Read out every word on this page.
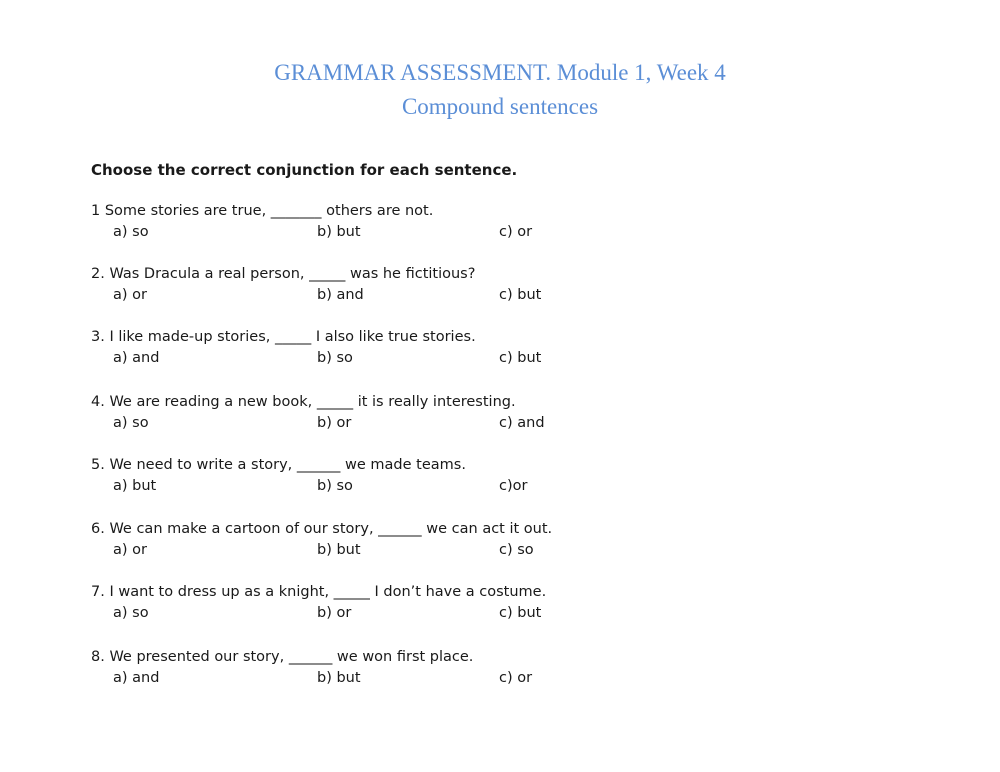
GRAMMAR ASSESSMENT. Module 1, Week 4
Compound sentences
Choose the correct conjunction for each sentence.
1 Some stories are true, _______ others are not.
a) so	b) but	c) or
2. Was Dracula a real person, _____ was he fictitious?
a) or	b) and	c) but
3. I like made-up stories, _____ I also like true stories.
a) and	b) so	c) but
4. We are reading a new book, _____ it is really interesting.
a) so	b) or	c) and
5. We need to write a story, ______ we made teams.
a) but	b) so	c)or
6. We can make a cartoon of our story, ______ we can act it out.
a) or	b) but	c) so
7. I want to dress up as a knight, _____ I don’t have a costume.
a) so	b) or	c) but
8. We presented our story, ______ we won first place.
a) and	b) but	c) or
